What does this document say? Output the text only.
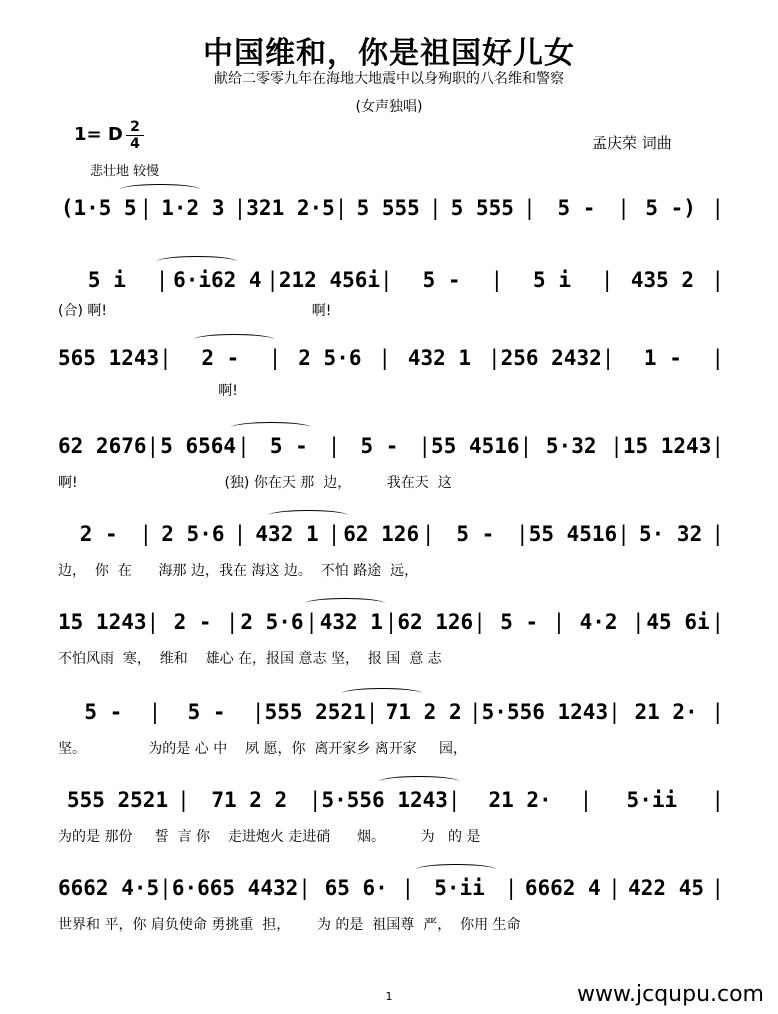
中国维和，你是祖国好儿女
献给二零零九年在海地大地震中以身殉职的八名维和警察
(女声独唱)
1= D 2
4	孟庆荣 词曲
悲壮地 较慢
(1·5 5 | 1·2 3 | 321 2·5 | 5 555 | 5 555 |	5 -	| 5 -) |
5 i	| 6·i62 4 | 212 456i |	5 -	|	5 i	| 435 2 |
(合) 啊!                                              啊!
565 1243 |	2 -	| 2 5·6 | 432 1 | 256 2432 |	1 -	|
啊!
62 2676 | 5 6564 | 5 - | 5 - | 55 4516 | 5·32 | 15 1243 |
啊!                                 (独) 你在天 那  边，        我在天  这
2 -	| 2 5·6 | 432 1 | 62 126 |	5 -	| 55 4516 | 5· 32 |
边，  你  在      海那 边，我在 海这 边。  不怕 路途  远，
15 1243 | 2 - | 2 5·6 | 432 1 | 62 126 | 5 - | 4·2 | 45 6i |
不怕风雨  寒，  维和    雄心 在，报国 意志 坚，  报 国  意 志
5 -	|	5 -	| 555 2521 | 71 2 2 | 5·556 1243 | 21 2· |
坚。              为的是 心 中    夙 愿，你  离开家乡 离开家     园，
555 2521 |	71 2 2	| 5·556 1243 |	21 2·	|	5·ii	|
为的是 那份     誓  言 你    走进炮火 走进硝      烟。        为   的 是
6662 4·5 | 6·665 4432 | 65 6· | 5·ii | 6662 4 | 422 45 |
世界和 平，你 肩负使命 勇挑重  担，      为 的是  祖国尊  严，  你用 生命
1	www.jcqupu.com
